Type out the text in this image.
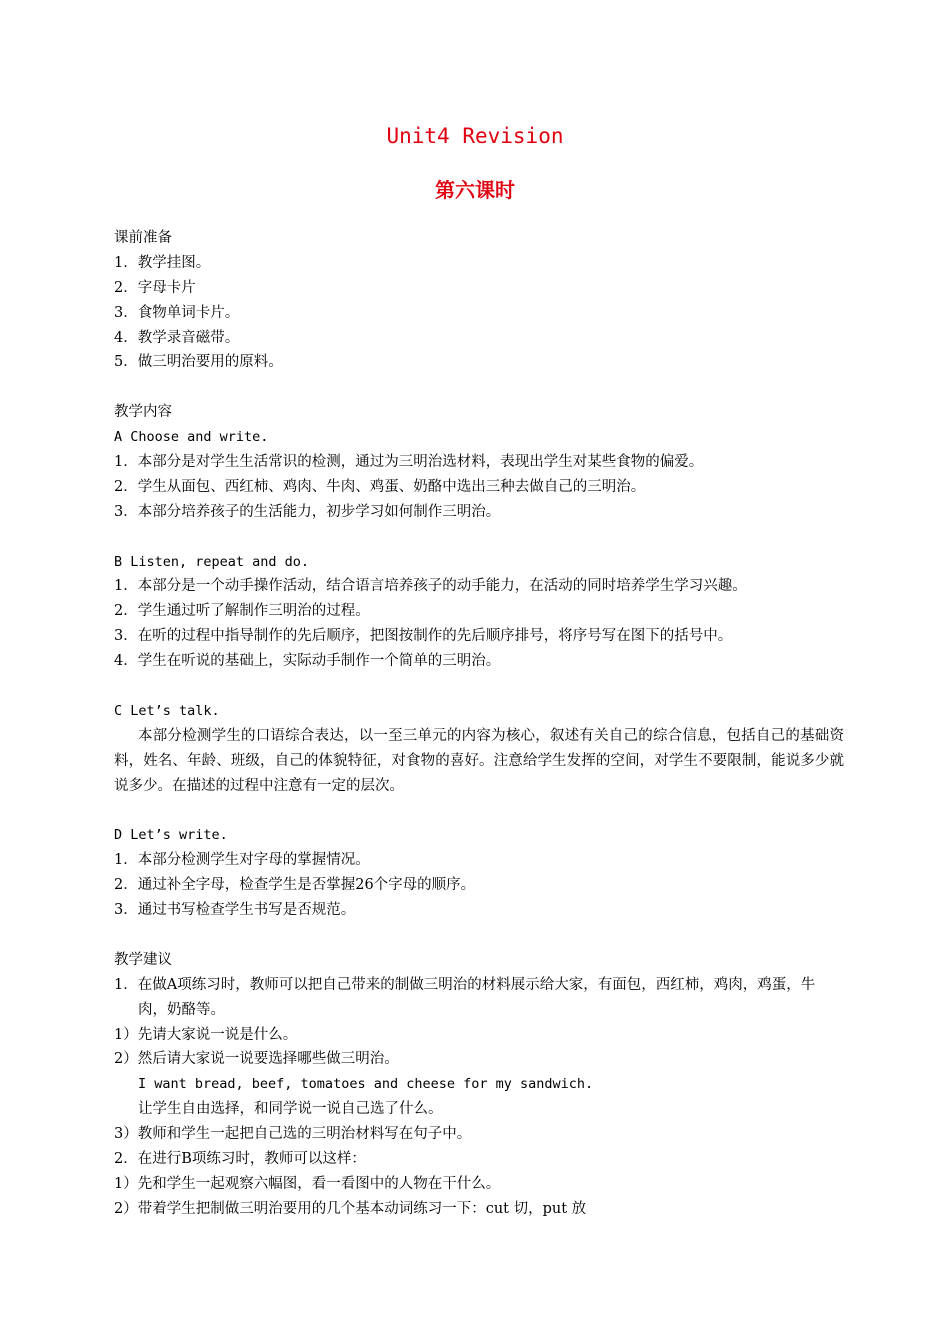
Unit4 Revision
第六课时
课前准备
1．教学挂图。
2．字母卡片
3．食物单词卡片。
4．教学录音磁带。
5．做三明治要用的原料。
教学内容
A Choose and write.
1．本部分是对学生生活常识的检测，通过为三明治选材料，表现出学生对某些食物的偏爱。
2．学生从面包、西红柿、鸡肉、牛肉、鸡蛋、奶酪中选出三种去做自己的三明治。
3．本部分培养孩子的生活能力，初步学习如何制作三明治。
B Listen, repeat and do.
1．本部分是一个动手操作活动，结合语言培养孩子的动手能力，在活动的同时培养学生学习兴趣。
2．学生通过听了解制作三明治的过程。
3．在听的过程中指导制作的先后顺序，把图按制作的先后顺序排号，将序号写在图下的括号中。
4．学生在听说的基础上，实际动手制作一个简单的三明治。
C Let’s talk.
本部分检测学生的口语综合表达，以一至三单元的内容为核心，叙述有关自己的综合信息，包括自己的基础资料，姓名、年龄、班级，自己的体貌特征，对食物的喜好。注意给学生发挥的空间，对学生不要限制，能说多少就说多少。在描述的过程中注意有一定的层次。
D Let’s write.
1．本部分检测学生对字母的掌握情况。
2．通过补全字母，检查学生是否掌握26个字母的顺序。
3．通过书写检查学生书写是否规范。
教学建议
1．在做A项练习时，教师可以把自己带来的制做三明治的材料展示给大家，有面包，西红柿，鸡肉，鸡蛋，牛肉，奶酪等。
1）先请大家说一说是什么。
2）然后请大家说一说要选择哪些做三明治。
I want bread, beef, tomatoes and cheese for my sandwich.
让学生自由选择，和同学说一说自己选了什么。
3）教师和学生一起把自己选的三明治材料写在句子中。
2．在进行B项练习时，教师可以这样：
1）先和学生一起观察六幅图，看一看图中的人物在干什么。
2）带着学生把制做三明治要用的几个基本动词练习一下：cut 切，put 放
